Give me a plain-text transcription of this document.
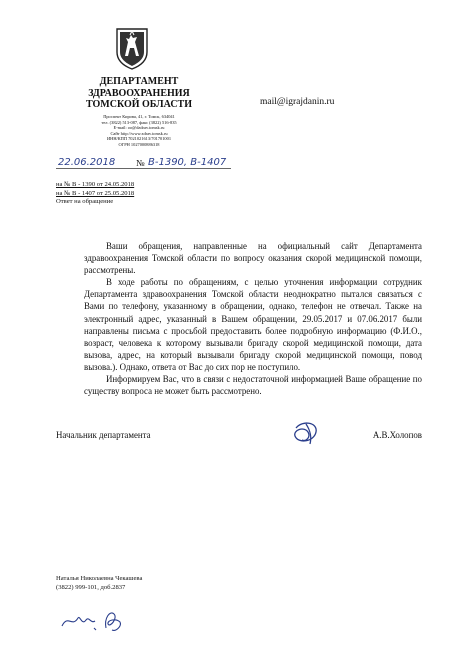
ДЕПАРТАМЕНТ
ЗДРАВООХРАНЕНИЯ
ТОМСКОЙ ОБЛАСТИ
Проспект Кирова, 41, г. Томск, 634041
тел. (3822) 513-087, факс (3822) 516-835
E-mail: oo@dzdrav.tomsk.ru
Сайт http://www.zdrav.tomsk.ru
ИНН/КПП 7021021613/701701001
ОГРН 1027000886318
mail@igrajdanin.ru
22.06.2018 № В-1390, В-1407
на № В - 1390 от 24.05.2018
на № В - 1407 от 25.05.2018
Ответ на обращение

Ваши обращения, направленные на официальный сайт Департамента здравоохранения Томской области по вопросу оказания скорой медицинской помощи, рассмотрены.

В ходе работы по обращениям, с целью уточнения информации сотрудник Департамента здравоохранения Томской области неоднократно пытался связаться с Вами по телефону, указанному в обращении, однако, телефон не отвечал. Также на электронный адрес, указанный в Вашем обращении, 29.05.2017 и 07.06.2017 были направлены письма с просьбой предоставить более подробную информацию (Ф.И.О., возраст, человека к которому вызывали бригаду скорой медицинской помощи, дата вызова, адрес, на который вызывали бригаду скорой медицинской помощи, повод вызова.). Однако, ответа от Вас до сих пор не поступило.

Информируем Вас, что в связи с недостаточной информацией Ваше обращение по существу вопроса не может быть рассмотрено.

Начальник департамента	А.В.Холопов
Наталья Николаевна Чекашева
(3822) 999-101, доб.2837
